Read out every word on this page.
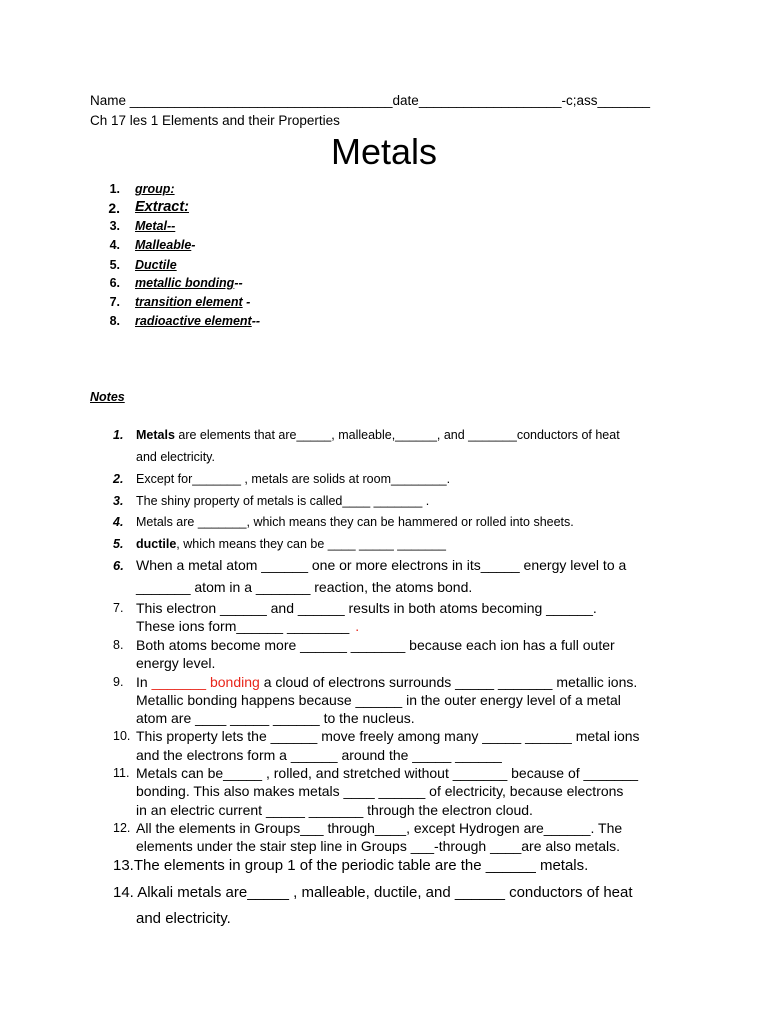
Name ___________________________________date___________________-c;ass_______
Ch 17 les 1 Elements and their Properties
Metals
1. group:
2. Extract:
3. Metal--
4. Malleable-
5. Ductile
6. metallic bonding--
7. transition element -
8. radioactive element--
Notes
1. Metals are elements that are_____, malleable,______, and _______conductors of heat
and electricity.
2. Except for_______ , metals are solids at room________.
3. The shiny property of metals is called____ _______ .
4. Metals are _______, which means they can be hammered or rolled into sheets.
5. ductile, which means they can be ____ _____ _______
6. When a metal atom ______ one or more electrons in its_____ energy level to a
_______ atom in a _______ reaction, the atoms bond.
7. This electron ______ and ______ results in both atoms becoming ______.
These ions form______ ________ .
8. Both atoms become more ______ _______ because each ion has a full outer
energy level.
9. In _______ bonding a cloud of electrons surrounds _____ _______ metallic ions.
Metallic bonding happens because ______ in the outer energy level of a metal
atom are ____ _____ ______ to the nucleus.
10. This property lets the ______ move freely among many _____ ______ metal ions
and the electrons form a ______ around the _____ ______
11. Metals can be_____ , rolled, and stretched without _______ because of _______
bonding. This also makes metals ____ ______ of electricity, because electrons
in an electric current _____ _______ through the electron cloud.
12. All the elements in Groups___ through____, except Hydrogen are______. The
elements under the stair step line in Groups ___-through ____are also metals.
13.The elements in group 1 of the periodic table are the ______ metals.
14. Alkali metals are_____ , malleable, ductile, and ______ conductors of heat
and electricity.
